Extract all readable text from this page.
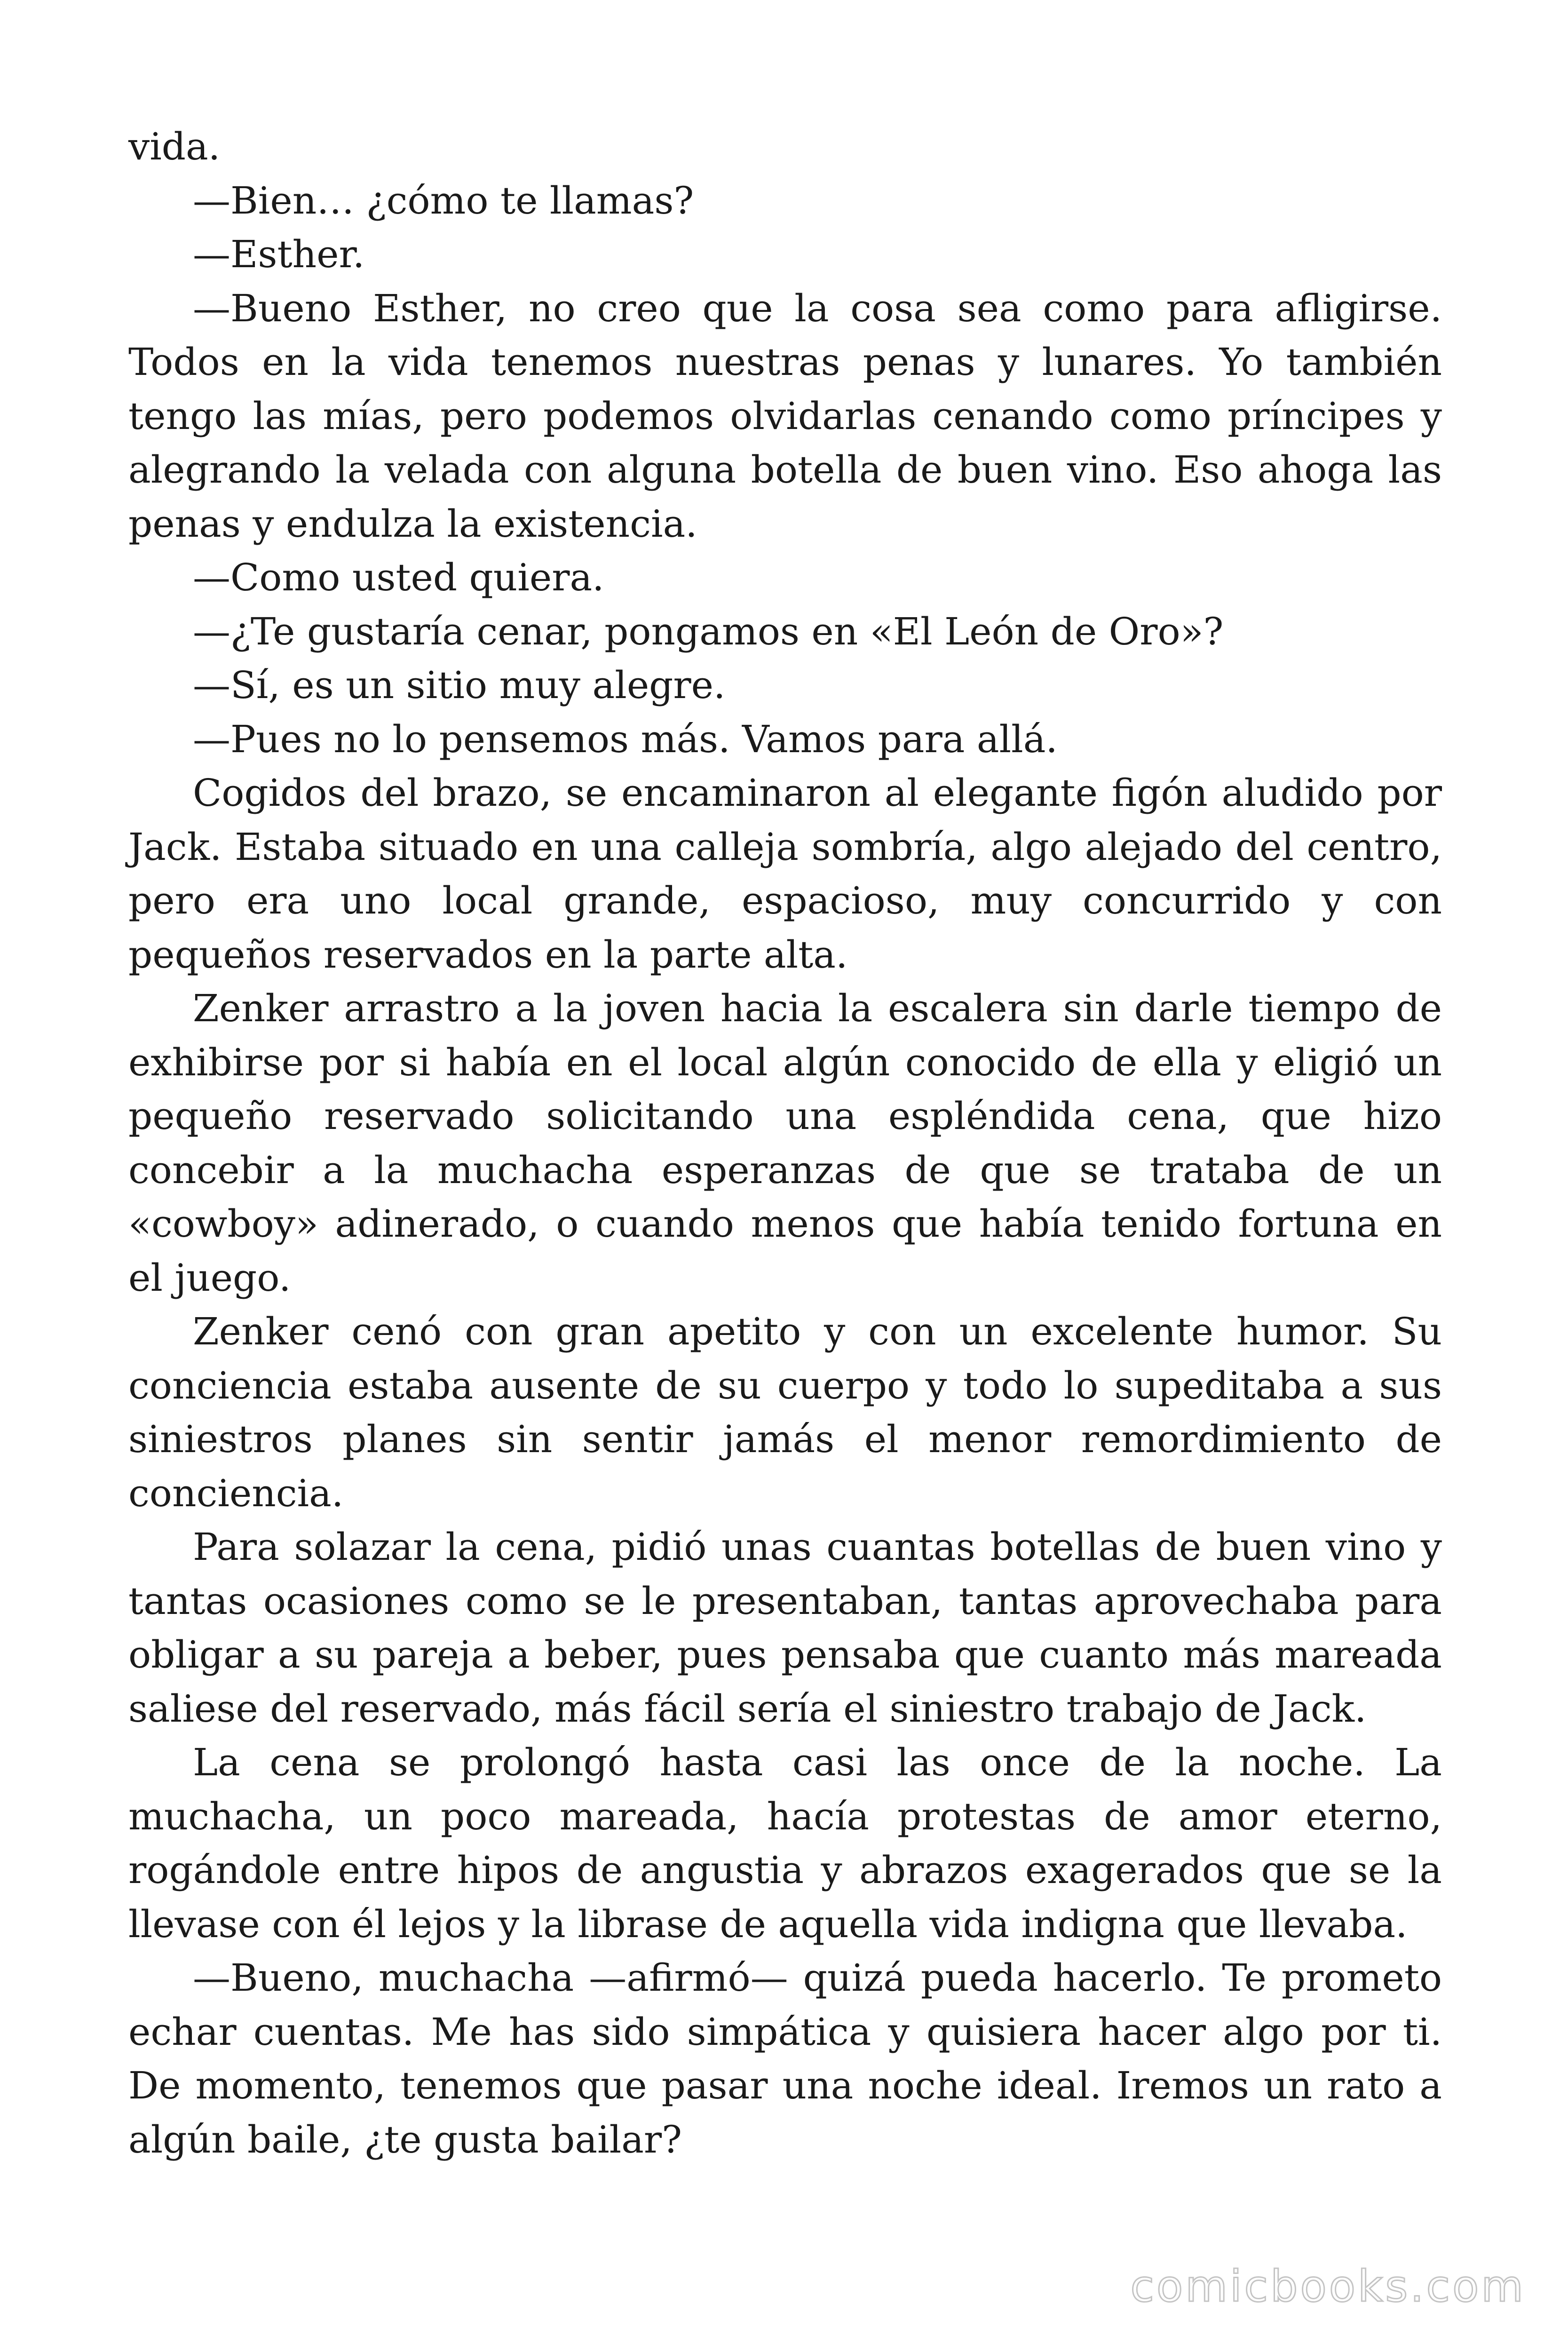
vida.

—Bien… ¿cómo te llamas?

—Esther.

—Bueno Esther, no creo que la cosa sea como para afligirse. Todos en la vida tenemos nuestras penas y lunares. Yo también tengo las mías, pero podemos olvidarlas cenando como príncipes y alegrando la velada con alguna botella de buen vino. Eso ahoga las penas y endulza la existencia.

—Como usted quiera.

—¿Te gustaría cenar, pongamos en «El León de Oro»?

—Sí, es un sitio muy alegre.

—Pues no lo pensemos más. Vamos para allá.

Cogidos del brazo, se encaminaron al elegante figón aludido por Jack. Estaba situado en una calleja sombría, algo alejado del centro, pero era uno local grande, espacioso, muy concurrido y con pequeños reservados en la parte alta.

Zenker arrastro a la joven hacia la escalera sin darle tiempo de exhibirse por si había en el local algún conocido de ella y eligió un pequeño reservado solicitando una espléndida cena, que hizo concebir a la muchacha esperanzas de que se trataba de un «cowboy» adinerado, o cuando menos que había tenido fortuna en el juego.

Zenker cenó con gran apetito y con un excelente humor. Su conciencia estaba ausente de su cuerpo y todo lo supeditaba a sus siniestros planes sin sentir jamás el menor remordimiento de conciencia.

Para solazar la cena, pidió unas cuantas botellas de buen vino y tantas ocasiones como se le presentaban, tantas aprovechaba para obligar a su pareja a beber, pues pensaba que cuanto más mareada saliese del reservado, más fácil sería el siniestro trabajo de Jack.

La cena se prolongó hasta casi las once de la noche. La muchacha, un poco mareada, hacía protestas de amor eterno, rogándole entre hipos de angustia y abrazos exagerados que se la llevase con él lejos y la librase de aquella vida indigna que llevaba.

—Bueno, muchacha —afirmó— quizá pueda hacerlo. Te prometo echar cuentas. Me has sido simpática y quisiera hacer algo por ti. De momento, tenemos que pasar una noche ideal. Iremos un rato a algún baile, ¿te gusta bailar?

comicbooks.com
